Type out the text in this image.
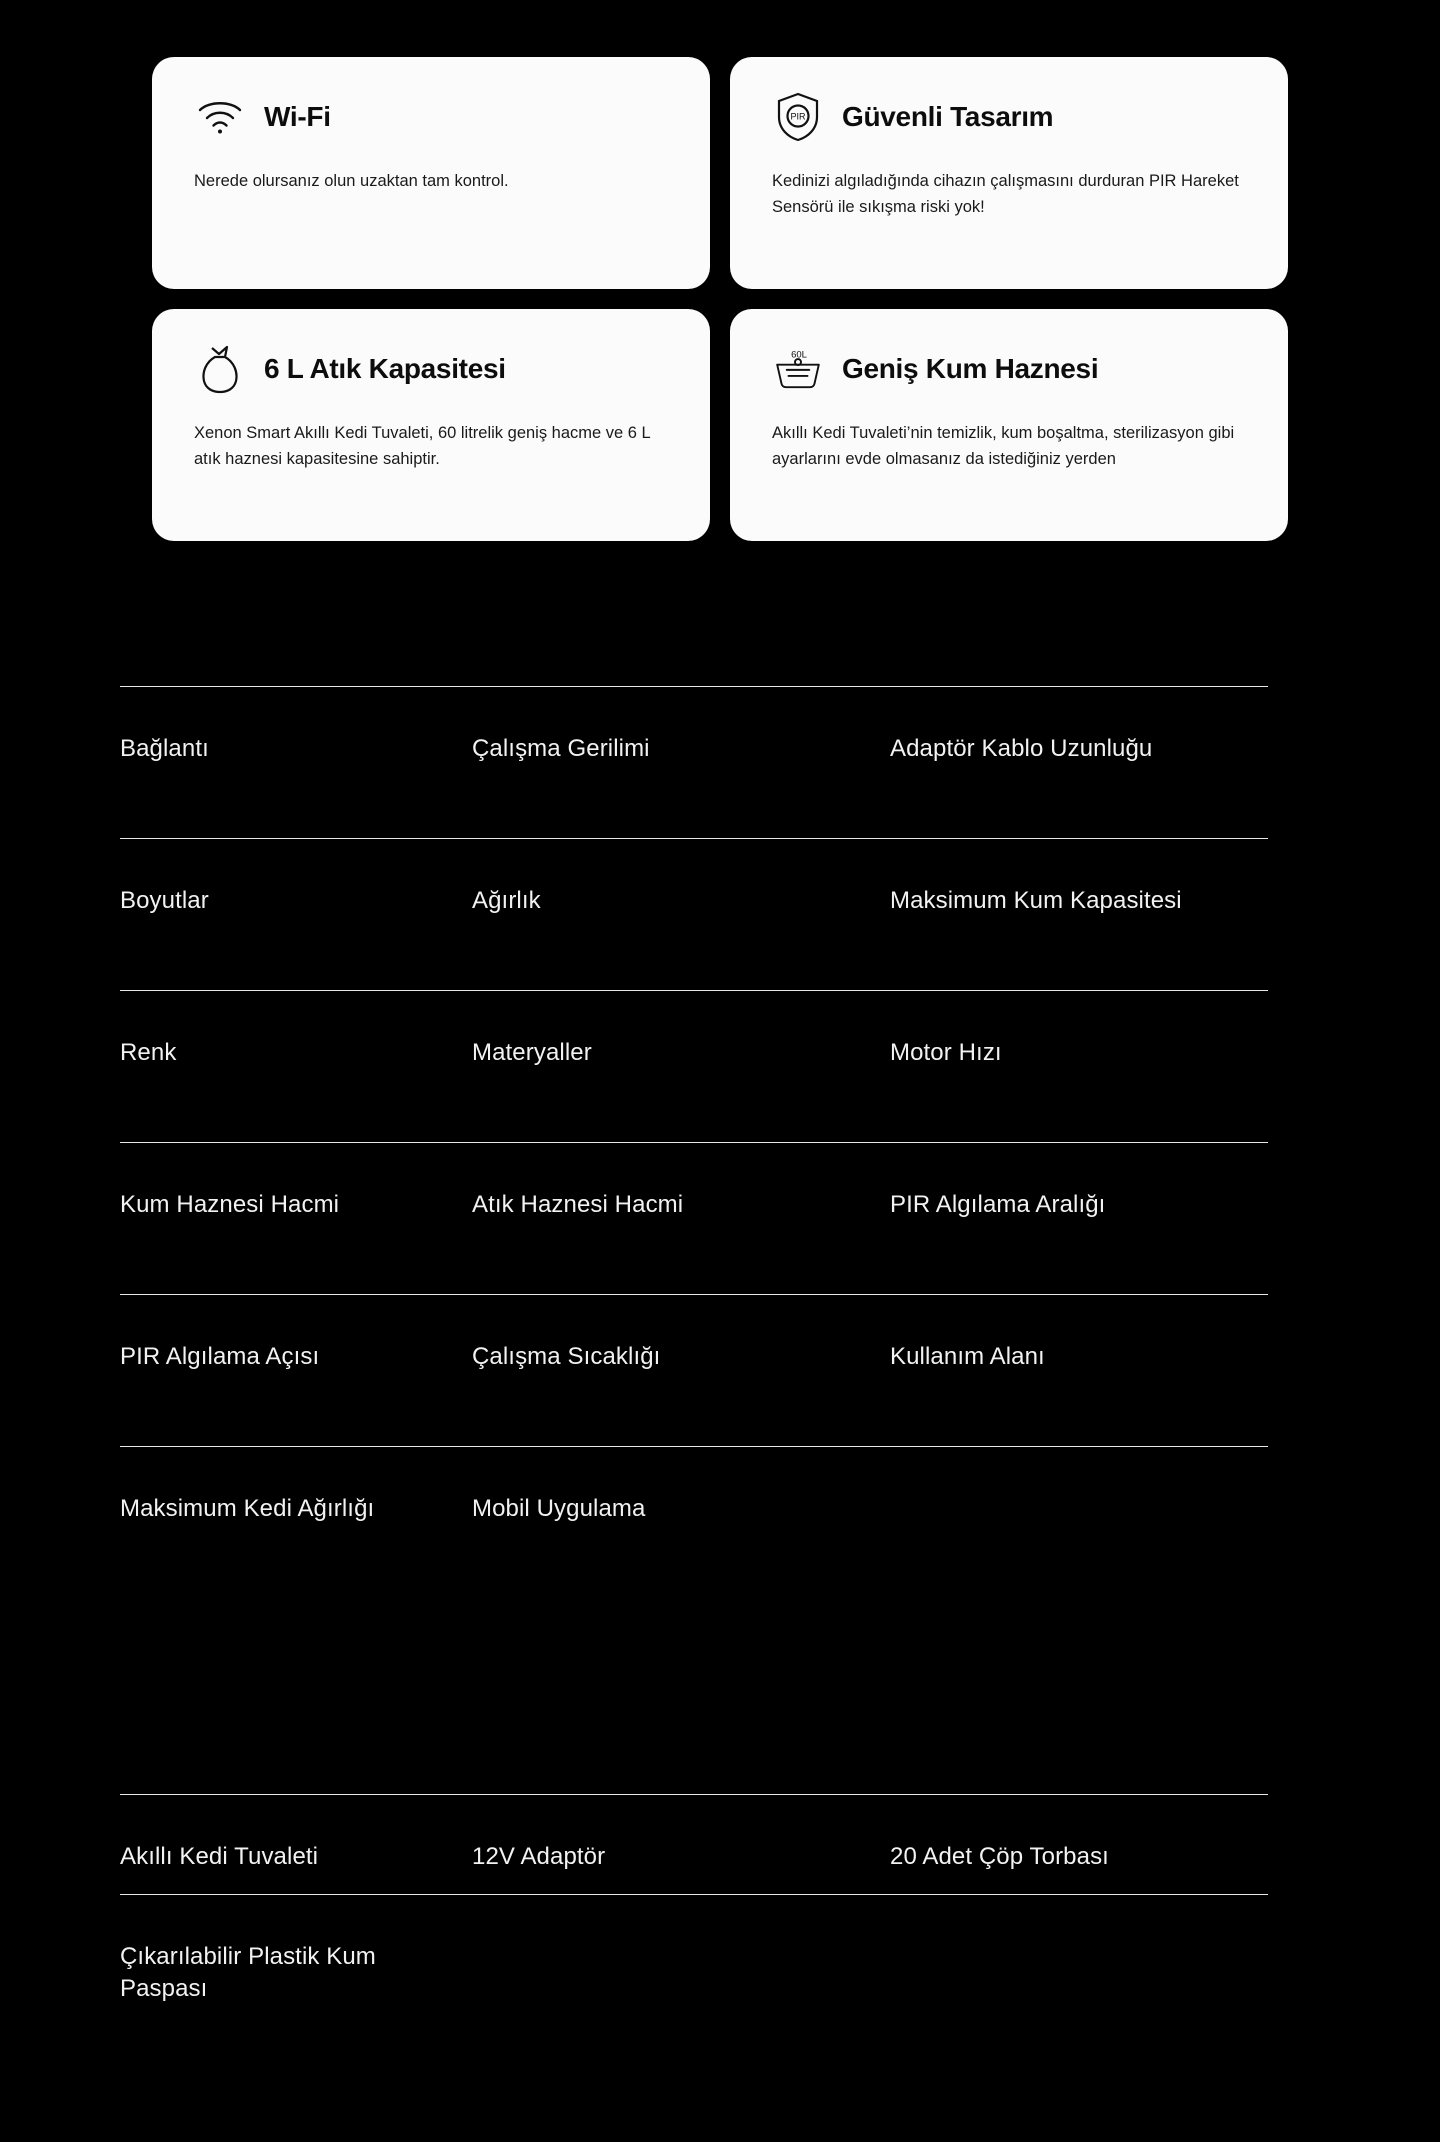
Wi-Fi
Nerede olursanız olun uzaktan tam kontrol.
PIR Güvenli Tasarım
Kedinizi algıladığında cihazın çalışmasını durduran PIR Hareket Sensörü ile sıkışma riski yok!
6 L Atık Kapasitesi
Xenon Smart Akıllı Kedi Tuvaleti, 60 litrelik geniş hacme ve 6 L atık haznesi kapasitesine sahiptir.
60L Geniş Kum Haznesi
Akıllı Kedi Tuvaleti’nin temizlik, kum boşaltma, sterilizasyon gibi ayarlarını evde olmasanız da istediğiniz yerden
Bağlantı	Çalışma Gerilimi	Adaptör Kablo Uzunluğu
Boyutlar	Ağırlık	Maksimum Kum Kapasitesi
Renk	Materyaller	Motor Hızı
Kum Haznesi Hacmi	Atık Haznesi Hacmi	PIR Algılama Aralığı
PIR Algılama Açısı	Çalışma Sıcaklığı	Kullanım Alanı
Maksimum Kedi Ağırlığı	Mobil Uygulama
Akıllı Kedi Tuvaleti	12V Adaptör	20 Adet Çöp Torbası
Çıkarılabilir Plastik Kum Paspası
